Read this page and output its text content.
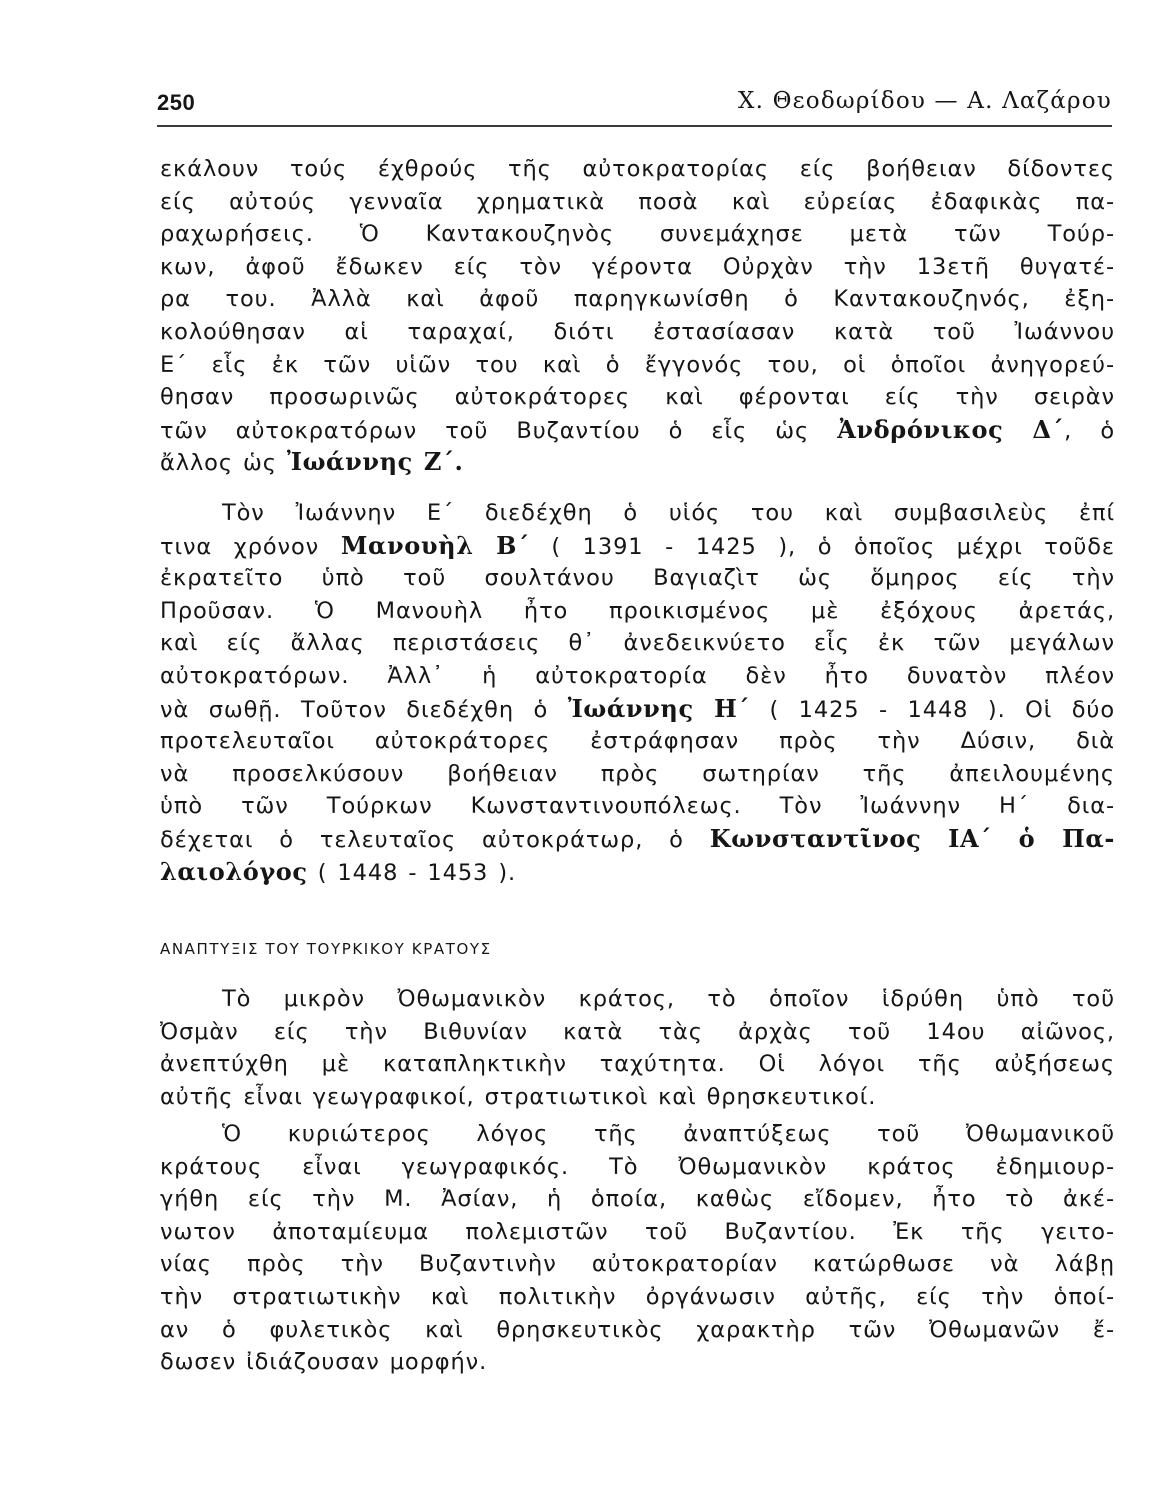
250	Χ. Θεοδωρίδου — Α. Λαζάρου
εκάλουν τούς έχθρούς τῆς αὐτοκρατορίας είς βοήθειαν δίδοντες
είς αὐτούς γενναῖα χρηματικὰ ποσὰ καὶ εὐρείας ἐδαφικὰς πα-
ραχωρήσεις. Ὁ Καντακουζηνὸς συνεμάχησε μετὰ τῶν Τούρ-
κων, ἀφοῦ ἔδωκεν είς τὸν γέροντα Οὐρχὰν τὴν 13ετῆ θυγατέ-
ρα του. Ἀλλὰ καὶ ἀφοῦ παρηγκωνίσθη ὁ Καντακουζηνός, ἐξη-
κολούθησαν αἱ ταραχαί, διότι ἐστασίασαν κατὰ τοῦ Ἰωάννου
Ε΄ εἷς ἐκ τῶν υἱῶν του καὶ ὁ ἔγγονός του, οἱ ὁποῖοι ἀνηγορεύ-
θησαν προσωρινῶς αὐτοκράτορες καὶ φέρονται είς τὴν σειρὰν
τῶν αὐτοκρατόρων τοῦ Βυζαντίου ὁ εἷς ὡς Ἀνδρόνικος Δ΄, ὁ
ἄλλος ὡς Ἰωάννης Ζ΄.
Τὸν Ἰωάννην Ε΄ διεδέχθη ὁ υἱός του καὶ συμβασιλεὺς ἐπί
τινα χρόνον Μανουὴλ Β΄ ( 1391 - 1425 ), ὁ ὁποῖος μέχρι τοῦδε
ἐκρατεῖτο ὑπὸ τοῦ σουλτάνου Βαγιαζὶτ ὡς ὅμηρος είς τὴν
Προῦσαν. Ὁ Μανουὴλ ἦτο προικισμένος μὲ ἐξόχους ἀρετάς,
καὶ είς ἄλλας περιστάσεις θ᾽ ἀνεδεικνύετο εἷς ἐκ τῶν μεγάλων
αὐτοκρατόρων. Ἀλλ᾽ ἡ αὐτοκρατορία δὲν ἦτο δυνατὸν πλέον
νὰ σωθῇ. Τοῦτον διεδέχθη ὁ Ἰωάννης Η΄ ( 1425 - 1448 ). Οἱ δύο
προτελευταῖοι αὐτοκράτορες ἐστράφησαν πρὸς τὴν Δύσιν, διὰ
νὰ προσελκύσουν βοήθειαν πρὸς σωτηρίαν τῆς ἀπειλουμένης
ὑπὸ τῶν Τούρκων Κωνσταντινουπόλεως. Τὸν Ἰωάννην Η΄ δια-
δέχεται ὁ τελευταῖος αὐτοκράτωρ, ὁ Κωνσταντῖνος ΙΑ΄ ὁ Πα-
λαιολόγος ( 1448 - 1453 ).
ΑΝΑΠΤΥΞΙΣ ΤΟΥ ΤΟΥΡΚΙΚΟΥ ΚΡΑΤΟΥΣ
Τὸ μικρὸν Ὀθωμανικὸν κράτος, τὸ ὁποῖον ἱδρύθη ὑπὸ τοῦ
Ὀσμὰν είς τὴν Βιθυνίαν κατὰ τὰς ἀρχὰς τοῦ 14ου αἰῶνος,
ἀνεπτύχθη μὲ καταπληκτικὴν ταχύτητα. Οἱ λόγοι τῆς αὐξήσεως
αὐτῆς εἶναι γεωγραφικοί, στρατιωτικοὶ καὶ θρησκευτικοί.
Ὁ κυριώτερος λόγος τῆς ἀναπτύξεως τοῦ Ὀθωμανικοῦ
κράτους εἶναι γεωγραφικός. Τὸ Ὀθωμανικὸν κράτος ἐδημιουρ-
γήθη είς τὴν Μ. Ἀσίαν, ἡ ὁποία, καθὼς εἴδομεν, ἦτο τὸ ἀκέ-
νωτον ἀποταμίευμα πολεμιστῶν τοῦ Βυζαντίου. Ἐκ τῆς γειτο-
νίας πρὸς τὴν Βυζαντινὴν αὐτοκρατορίαν κατώρθωσε νὰ λάβῃ
τὴν στρατιωτικὴν καὶ πολιτικὴν ὀργάνωσιν αὐτῆς, είς τὴν ὁποί-
αν ὁ φυλετικὸς καὶ θρησκευτικὸς χαρακτὴρ τῶν Ὀθωμανῶν ἔ-
δωσεν ἰδιάζουσαν μορφήν.
